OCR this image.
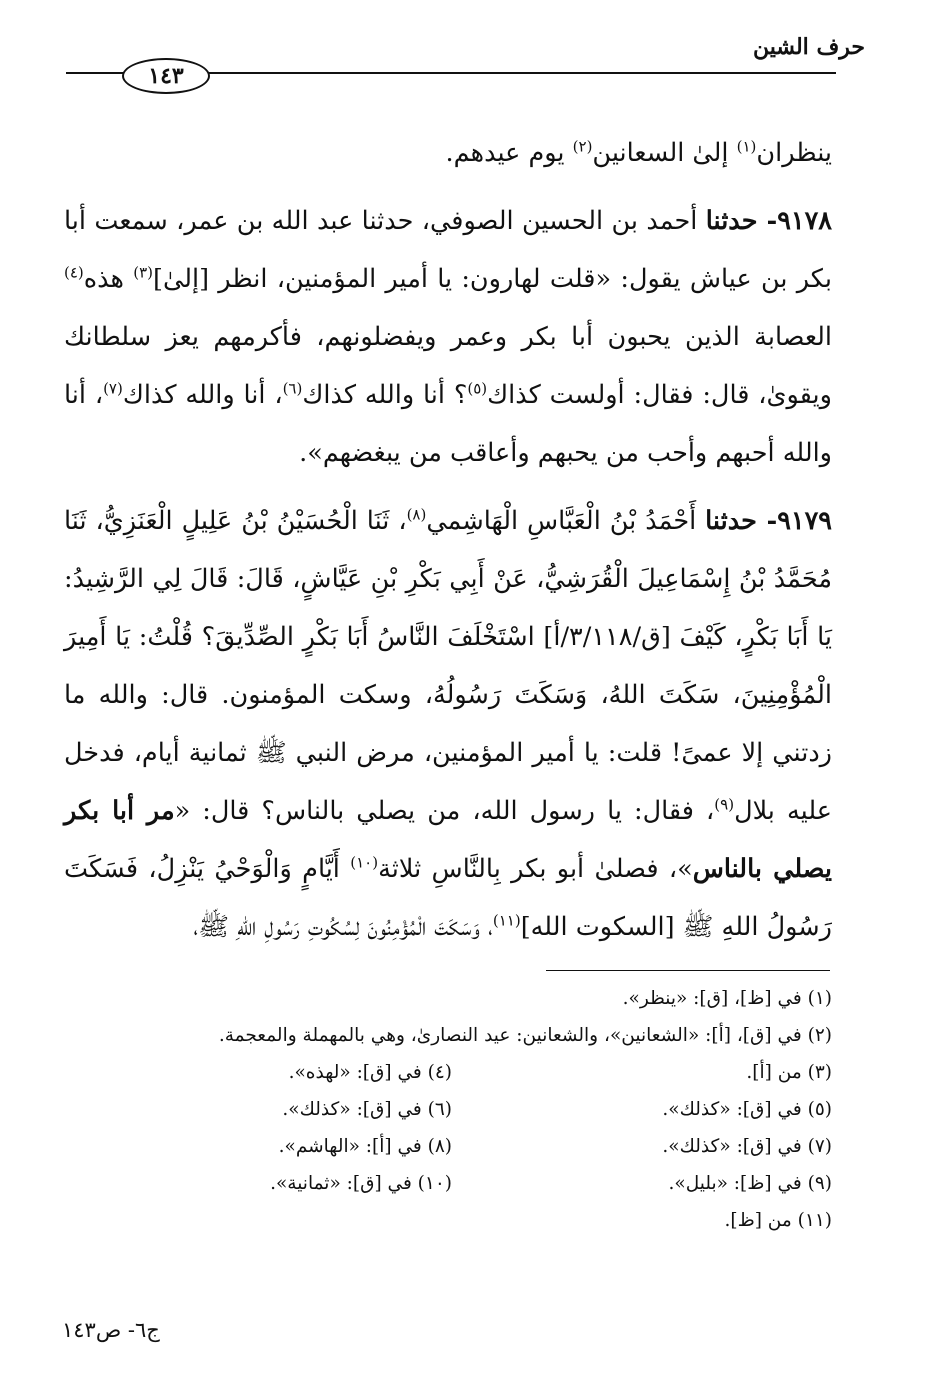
حرف الشين
١٤٣

ينظران$^{(١)}$ إلىٰ السعانين$^{(٢)}$ يوم عيدهم.

٩١٧٨- حدثنا أحمد بن الحسين الصوفي، حدثنا عبد الله بن عمر، سمعت أبا بكر بن عياش يقول: «قلت لهارون: يا أمير المؤمنين، انظر [إلىٰ]$^{(٣)}$ هذه$^{(٤)}$ العصابة الذين يحبون أبا بكر وعمر ويفضلونهم، فأكرمهم يعز سلطانك ويقوىٰ، قال: فقال: أولست كذاك$^{(٥)}$؟ أنا والله كذاك$^{(٦)}$، أنا والله كذاك$^{(٧)}$، أنا والله أحبهم وأحب من يحبهم وأعاقب من يبغضهم».

٩١٧٩- حدثنا أَحْمَدُ بْنُ الْعَبَّاسِ الْهَاشِمي$^{(٨)}$، ثَنَا الْحُسَيْنُ بْنُ عَلِيلٍ الْعَنَزِيُّ، ثَنَا مُحَمَّدُ بْنُ إِسْمَاعِيلَ الْقُرَشِيُّ، عَنْ أَبِي بَكْرِ بْنِ عَيَّاشٍ، قَالَ: قَالَ لِي الرَّشِيدُ: يَا أَبَا بَكْرٍ، كَيْفَ [ق/٣/١١٨/أ] اسْتَخْلَفَ النَّاسُ أَبَا بَكْرٍ الصِّدِّيقَ؟ قُلْتُ: يَا أَمِيرَ الْمُؤْمِنِينَ، سَكَتَ اللهُ، وَسَكَتَ رَسُولُهُ، وسكت المؤمنون. قال: والله ما زدتني إلا عمىً! قلت: يا أمير المؤمنين، مرض النبي ﷺ ثمانية أيام، فدخل عليه بلال$^{(٩)}$، فقال: يا رسول الله، من يصلي بالناس؟ قال: «مر أبا بكر يصلي بالناس»، فصلىٰ أبو بكر بِالنَّاسِ ثلاثة$^{(١٠)}$ أَيَّامٍ وَالْوَحْيُ يَنْزِلُ، فَسَكَتَ رَسُولُ اللهِ ﷺ [السكوت الله]$^{(١١)}$، وَسَكَتَ الْمُؤْمِنُونَ لِسُكُوتِ رَسُولِ اللهِ ﷺ،

(١) في [ظ]، [ق]: «ينظر».
(٢) في [ق]، [أ]: «الشعانين»، والشعانين: عيد النصارىٰ، وهي بالمهملة والمعجمة.
(٣) من [أ].
(٤) في [ق]: «لهذه».
(٥) في [ق]: «كذلك».
(٦) في [ق]: «كذلك».
(٧) في [ق]: «كذلك».
(٨) في [أ]: «الهاشم».
(٩) في [ظ]: «بليل».
(١٠) في [ق]: «ثمانية».
(١١) من [ظ].
ج٦- ص١٤٣
